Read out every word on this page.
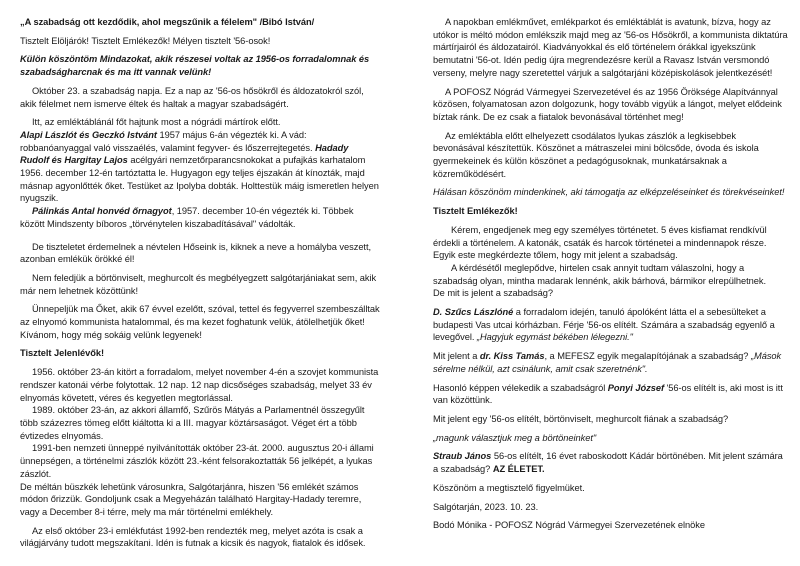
„A szabadság ott kezdődik, ahol megszűnik a félelem" /Bibó István/

Tisztelt Elöljárók! Tisztelt Emlékezők! Mélyen tisztelt '56-osok!

Külön köszöntöm Mindazokat, akik részesei voltak az 1956-os forradalomnak és szabadságharcnak és ma itt vannak velünk!

Október 23. a szabadság napja. Ez a nap az '56-os hősökről és áldozatokról szól, akik félelmet nem ismerve éltek és haltak a magyar szabadságért.

Itt, az emléktáblánál főt hajtunk most a nógrádi mártírok előtt.

Alapi Lászlót és Geczkó Istvánt 1957 május 6-án végezték ki. A vád: robbanóanyaggal való visszaélés, valamint fegyver- és lőszerrejtegetés. Hadady Rudolf és Hargitay Lajos acélgyári nemzetőrparancsnokokat a pufajkás karhatalom 1956. december 12-én tartóztatta le. Hugyagon egy teljes éjszakán át kínozták, majd másnap agyonlőtték őket. Testüket az Ipolyba dobták. Holttestük máig ismeretlen helyen nyugszik.

Pálinkás Antal honvéd őrnagyot, 1957. december 10-én végezték ki. Többek között Mindszenty bíboros „törvénytelen kiszabadításával" vádolták.

De tiszteletet érdemelnek a névtelen Hőseink is, kiknek a neve a homályba veszett, azonban emlékük örökké él!

Nem feledjük a börtönviselt, meghurcolt és megbélyegzett salgótarjániakat sem, akik már nem lehetnek közöttünk!

Ünnepeljük ma Őket, akik 67 évvel ezelőtt, szóval, tettel és fegyverrel szembeszálltak az elnyomó kommunista hatalommal, és ma kezet foghatunk velük, átölelhetjük őket! Kívánom, hogy még sokáig velünk legyenek!

Tisztelt Jelenlévők!

1956. október 23-án kitört a forradalom, melyet november 4-én a szovjet kommunista rendszer katonái vérbe folytottak. 12 nap. 12 nap dicsőséges szabadság, melyet 33 év elnyomás követett, véres és kegyetlen megtorlással.

1989. október 23-án, az akkori államfő, Szűrös Mátyás a Parlamentnél összegyűlt több százezres tömeg előtt kiáltotta ki a III. magyar köztársaságot. Véget ért a több évtizedes elnyomás.

1991-ben nemzeti ünneppé nyilvánították október 23-át. 2000. augusztus 20-i állami ünnepségen, a történelmi zászlók között 23.-ként felsorakoztatták 56 jelképét, a lyukas zászlót.

De méltán büszkék lehetünk városunkra, Salgótarjánra, hiszen '56 emlékét számos módon őrizzük. Gondoljunk csak a Megyeházán található Hargitay-Hadady teremre, vagy a December 8-i térre, mely ma már történelmi emlékhely.

Az első október 23-i emlékfutást 1992-ben rendezték meg, melyet azóta is csak a világjárvány tudott megszakítani. Idén is futnak a kicsik és nagyok, fiatalok és idősek.

A napokban emlékművet, emlékparkot és emléktáblát is avatunk, bízva, hogy az utókor is méltó módon emlékszik majd meg az '56-os Hősökről, a kommunista diktatúra mártírjairól és áldozatairól. Kiadványokkal és elő történelem órákkal igyekszünk bemutatni '56-ot. Idén pedig újra megrendezésre kerül a Ravasz István versmondó verseny, melyre nagy szeretettel várjuk a salgótarjáni középiskolások jelentkezését!

A POFOSZ Nógrád Vármegyei Szervezetével és az 1956 Öröksége Alapítvánnyal közösen, folyamatosan azon dolgozunk, hogy tovább vigyük a lángot, melyet elődeink bíztak ránk. De ez csak a fiatalok bevonásával történhet meg!

Az emléktábla előtt elhelyezett csodálatos lyukas zászlók a legkisebbek bevonásával készítettük. Köszönet a mátraszelei mini bölcsőde, óvoda és iskola gyermekeinek és külön köszönet a pedagógusoknak, munkatársaknak a közreműködésért.

Hálásan köszönöm mindenkinek, aki támogatja az elképzeléseinket és törekvéseinket!

Tisztelt Emlékezők!

Kérem, engedjenek meg egy személyes történetet. 5 éves kisfiamat rendkívül érdekli a történelem. A katonák, csaták és harcok történetei a mindennapok része. Egyik este megkérdezte tőlem, hogy mit jelent a szabadság.

A kérdésétől meglepődve, hirtelen csak annyit tudtam válaszolni, hogy a szabadság olyan, mintha madarak lennénk, akik bárhová, bármikor elrepülhetnek.

De mit is jelent a szabadság?

D. Szűcs Lászlóné a forradalom idején, tanuló ápolóként látta el a sebesülteket a budapesti Vas utcai kórházban. Férje '56-os elítélt. Számára a szabadság egyenlő a levegővel. „Hagyjuk egymást békében lélegezni."

Mit jelent a dr. Kiss Tamás, a MEFESZ egyik megalapítójának a szabadság? „Mások sérelme nélkül, azt csinálunk, amit csak szeretnénk".

Hasonló képpen vélekedik a szabadságról Ponyi József '56-os elítélt is, aki most is itt van közöttünk.

Mit jelent egy '56-os elítélt, börtönviselt, meghurcolt fiának a szabadság?

„magunk választjuk meg a börtöneinket"

Straub János 56-os elítélt, 16 évet raboskodott Kádár börtönében. Mit jelent számára a szabadság? AZ ÉLETET.

Köszönöm a megtisztelő figyelmüket.

Salgótarján, 2023. 10. 23.

Bodó Mónika - POFOSZ Nógrád Vármegyei Szervezetének elnöke
